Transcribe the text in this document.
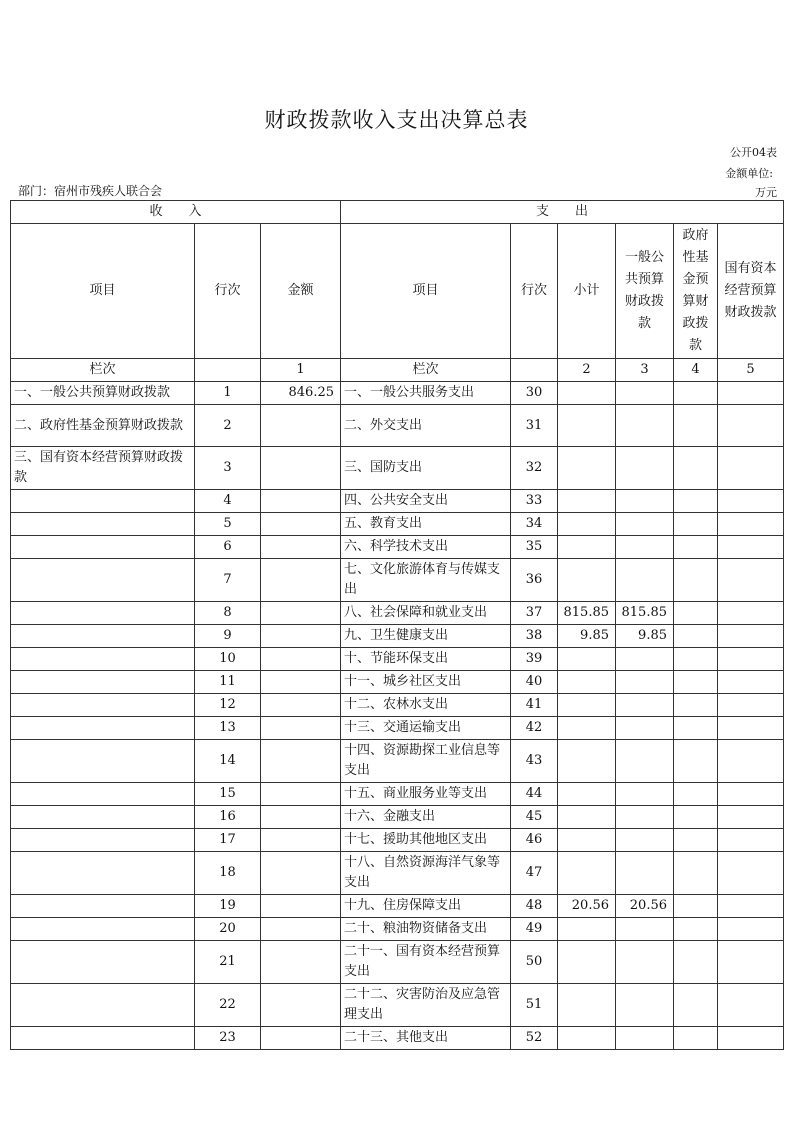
财政拨款收入支出决算总表
公开04表
金额单位:
部门：宿州市残疾人联合会	万元
收　　入			支　　出					
项目	行次	金额	项目	行次	小计	一般公共预算财政拨款	政府性基金预算财政拨款	国有资本经营预算财政拨款
栏次		1	栏次		2	3	4	5
一、一般公共预算财政拨款	1	846.25	一、一般公共服务支出	30				
二、政府性基金预算财政拨款	2		二、外交支出	31				
三、国有资本经营预算财政拨款	3		三、国防支出	32				
	4		四、公共安全支出	33				
	5		五、教育支出	34				
	6		六、科学技术支出	35				
	7		七、文化旅游体育与传媒支出	36				
	8		八、社会保障和就业支出	37	815.85	815.85		
	9		九、卫生健康支出	38	9.85	9.85		
	10		十、节能环保支出	39				
	11		十一、城乡社区支出	40				
	12		十二、农林水支出	41				
	13		十三、交通运输支出	42				
	14		十四、资源勘探工业信息等支出	43				
	15		十五、商业服务业等支出	44				
	16		十六、金融支出	45				
	17		十七、援助其他地区支出	46				
	18		十八、自然资源海洋气象等支出	47				
	19		十九、住房保障支出	48	20.56	20.56		
	20		二十、粮油物资储备支出	49				
	21		二十一、国有资本经营预算支出	50				
	22		二十二、灾害防治及应急管理支出	51				
	23		二十三、其他支出	52				
